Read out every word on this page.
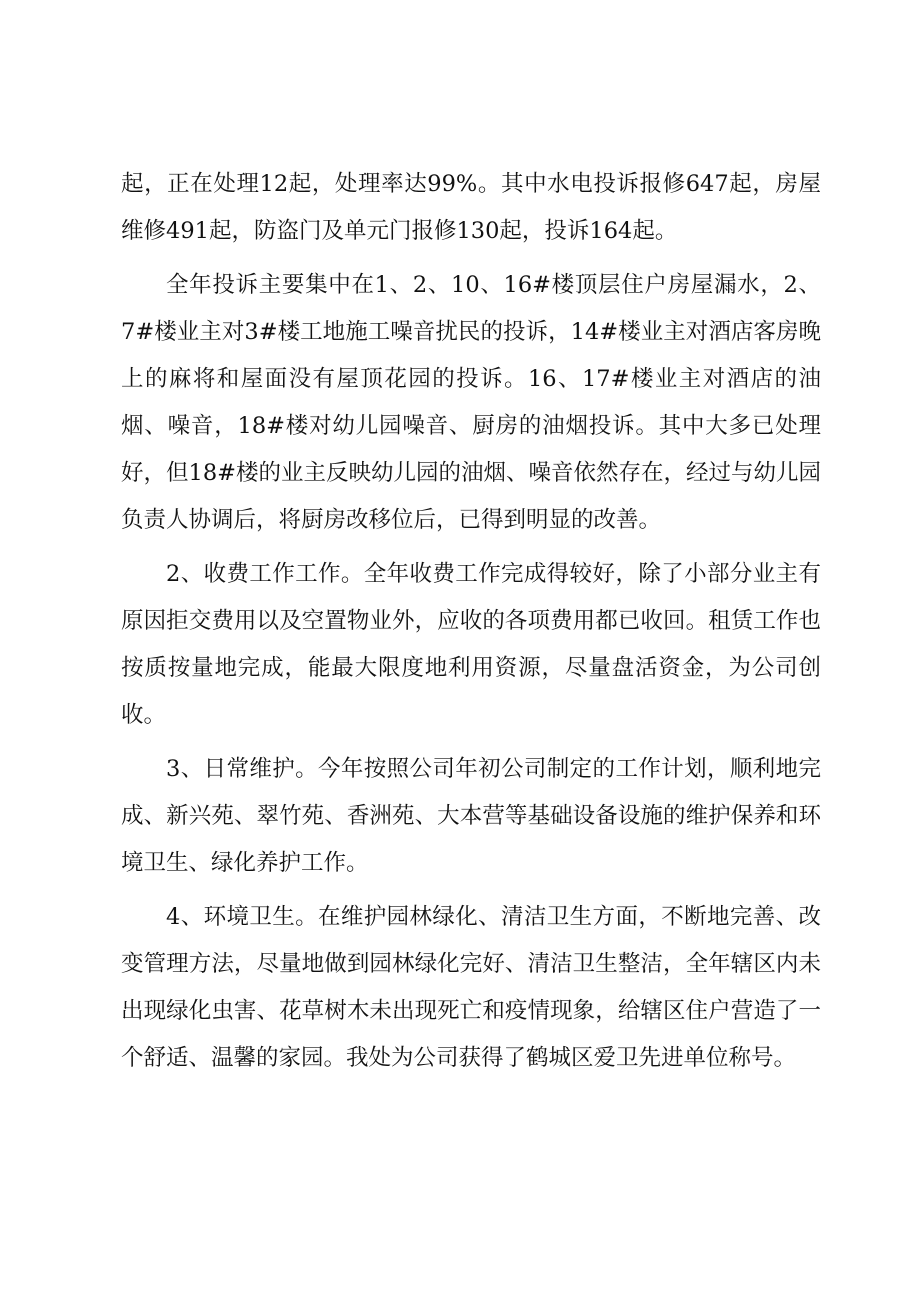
起，正在处理12起，处理率达99%。其中水电投诉报修647起，房屋维修491起，防盗门及单元门报修130起，投诉164起。

全年投诉主要集中在1、2、10、16#楼顶层住户房屋漏水，2、7#楼业主对3#楼工地施工噪音扰民的投诉，14#楼业主对酒店客房晚上的麻将和屋面没有屋顶花园的投诉。16、17#楼业主对酒店的油烟、噪音，18#楼对幼儿园噪音、厨房的油烟投诉。其中大多已处理好，但18#楼的业主反映幼儿园的油烟、噪音依然存在，经过与幼儿园负责人协调后，将厨房改移位后，已得到明显的改善。

2、收费工作工作。全年收费工作完成得较好，除了小部分业主有原因拒交费用以及空置物业外，应收的各项费用都已收回。租赁工作也按质按量地完成，能最大限度地利用资源，尽量盘活资金，为公司创收。

3、日常维护。今年按照公司年初公司制定的工作计划，顺利地完成、新兴苑、翠竹苑、香洲苑、大本营等基础设备设施的维护保养和环境卫生、绿化养护工作。

4、环境卫生。在维护园林绿化、清洁卫生方面，不断地完善、改变管理方法，尽量地做到园林绿化完好、清洁卫生整洁，全年辖区内未出现绿化虫害、花草树木未出现死亡和疫情现象，给辖区住户营造了一个舒适、温馨的家园。我处为公司获得了鹤城区爱卫先进单位称号。
